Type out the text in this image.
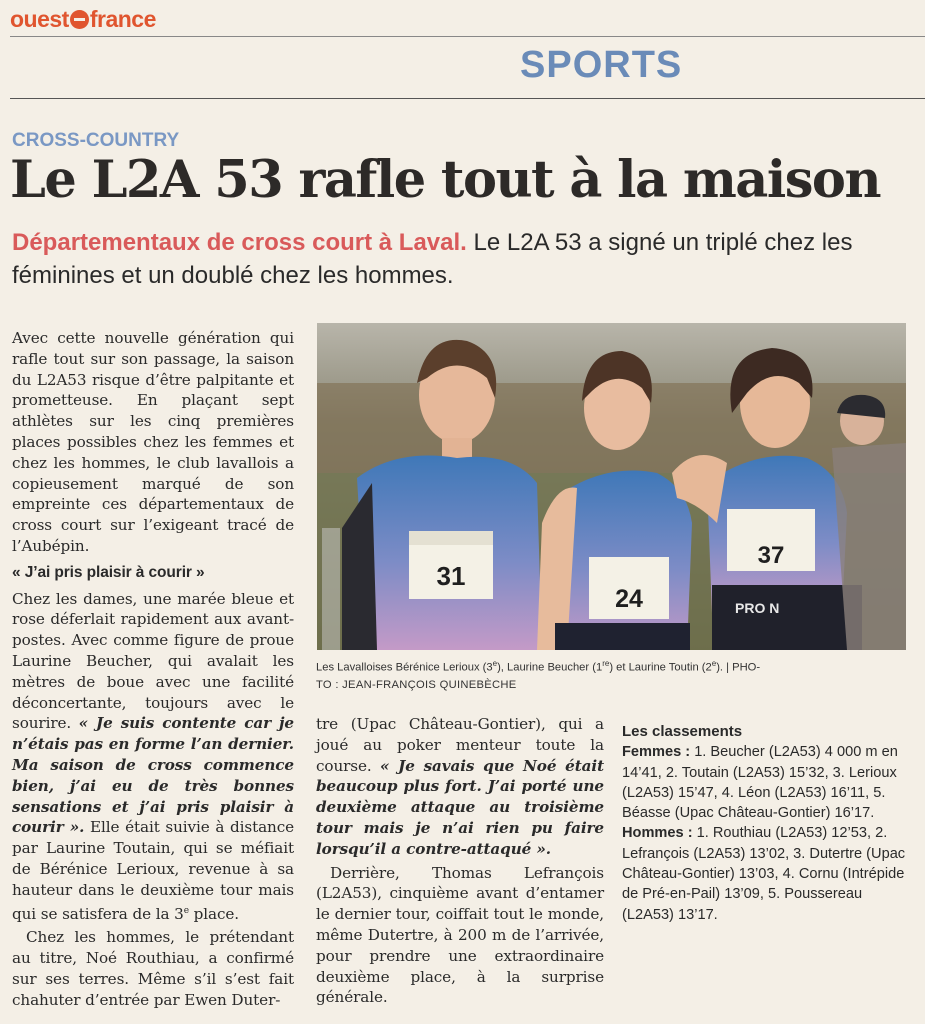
ouest france
SPORTS
CROSS-COUNTRY
Le L2A 53 rafle tout à la maison
Départementaux de cross court à Laval. Le L2A 53 a signé un triplé chez les féminines et un doublé chez les hommes.

Avec cette nouvelle génération qui rafle tout sur son passage, la saison du L2A53 risque d’être palpitante et prometteuse. En plaçant sept athlètes sur les cinq premières places possibles chez les femmes et chez les hommes, le club lavallois a copieusement marqué de son empreinte ces départementaux de cross court sur l’exigeant tracé de l’Aubépin.

« J’ai pris plaisir à courir »

Chez les dames, une marée bleue et rose déferlait rapidement aux avant-postes. Avec comme figure de proue Laurine Beucher, qui avalait les mètres de boue avec une facilité déconcertante, toujours avec le sourire. « Je suis contente car je n’étais pas en forme l’an dernier. Ma saison de cross commence bien, j’ai eu de très bonnes sensations et j’ai pris plaisir à courir ». Elle était suivie à distance par Laurine Toutain, qui se méfiait de Bérénice Lerioux, revenue à sa hauteur dans le deuxième tour mais qui se satisfera de la 3e place.

Chez les hommes, le prétendant au titre, Noé Routhiau, a confirmé sur ses terres. Même s’il s’est fait chahuter d’entrée par Ewen Duter-

31
24
37
PRO N
Les Lavalloises Bérénice Lerioux (3e), Laurine Beucher (1re) et Laurine Toutin (2e). | PHO-
TO : JEAN-FRANÇOIS QUINEBÈCHE

tre (Upac Château-Gontier), qui a joué au poker menteur toute la course. « Je savais que Noé était beaucoup plus fort. J’ai porté une deuxième attaque au troisième tour mais je n’ai rien pu faire lorsqu’il a contre-attaqué ».

Derrière, Thomas Lefrançois (L2A53), cinquième avant d’entamer le dernier tour, coiffait tout le monde, même Dutertre, à 200 m de l’arrivée, pour prendre une extraordinaire deuxième place, à la surprise générale.

Les classements

Femmes : 1. Beucher (L2A53) 4 000 m en 14’41, 2. Toutain (L2A53) 15’32, 3. Lerioux (L2A53) 15’47, 4. Léon (L2A53) 16’11, 5. Béasse (Upac Château-Gontier) 16’17.

Hommes : 1. Routhiau (L2A53) 12’53, 2. Lefrançois (L2A53) 13’02, 3. Dutertre (Upac Château-Gontier) 13’03, 4. Cornu (Intrépide de Pré-en-Pail) 13’09, 5. Poussereau (L2A53) 13’17.
